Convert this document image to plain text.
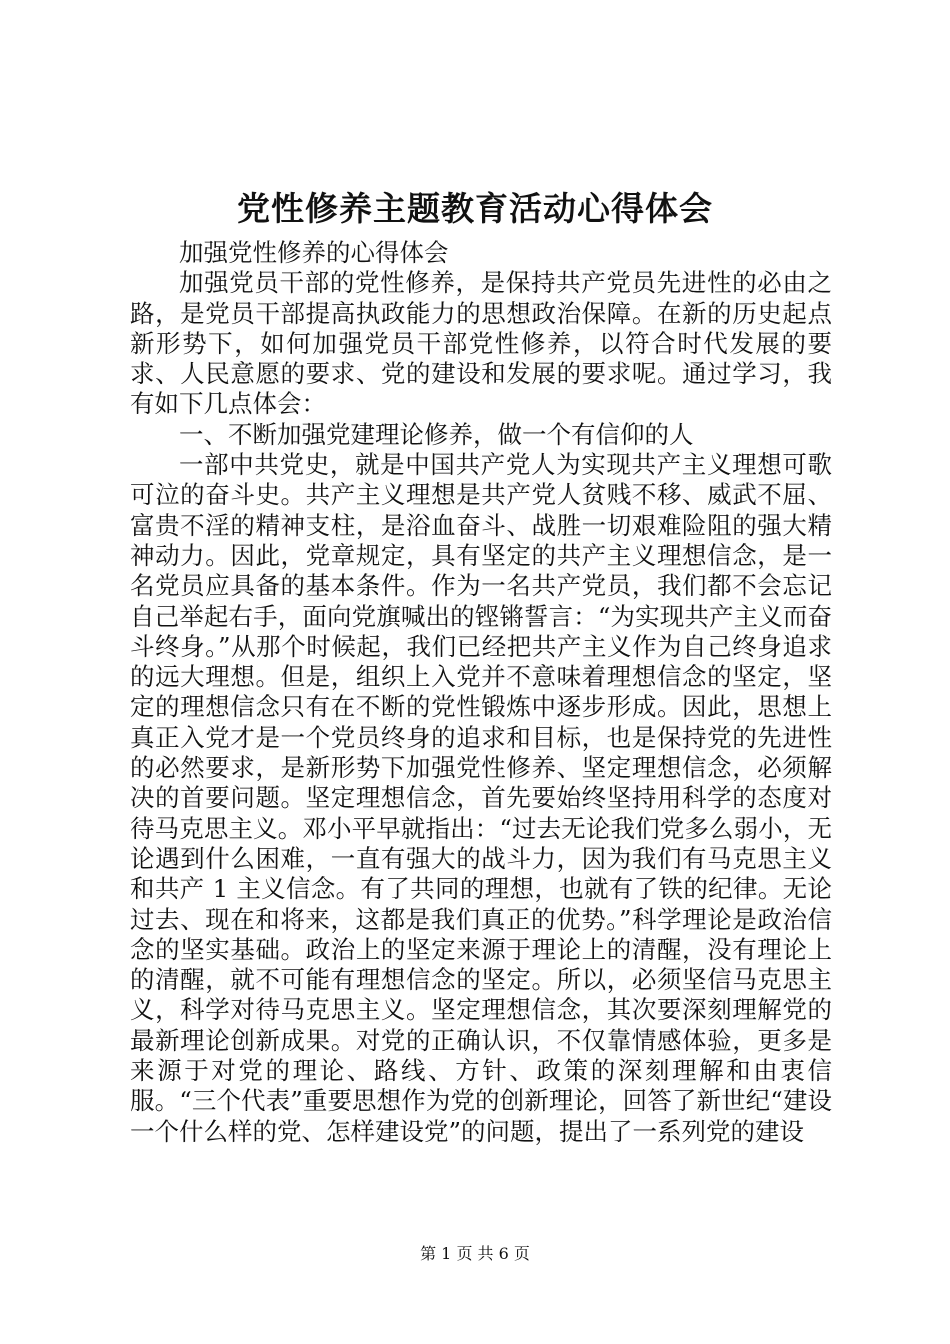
党性修养主题教育活动心得体会

加强党性修养的心得体会

加强党员干部的党性修养，是保持共产党员先进性的必由之路，是党员干部提高执政能力的思想政治保障。在新的历史起点新形势下，如何加强党员干部党性修养，以符合时代发展的要求、人民意愿的要求、党的建设和发展的要求呢。通过学习，我有如下几点体会：

一、不断加强党建理论修养，做一个有信仰的人

一部中共党史，就是中国共产党人为实现共产主义理想可歌可泣的奋斗史。共产主义理想是共产党人贫贱不移、威武不屈、富贵不淫的精神支柱，是浴血奋斗、战胜一切艰难险阻的强大精神动力。因此，党章规定，具有坚定的共产主义理想信念，是一名党员应具备的基本条件。作为一名共产党员，我们都不会忘记自己举起右手，面向党旗喊出的铿锵誓言：“为实现共产主义而奋斗终身。”从那个时候起，我们已经把共产主义作为自己终身追求的远大理想。但是，组织上入党并不意味着理想信念的坚定，坚定的理想信念只有在不断的党性锻炼中逐步形成。因此，思想上真正入党才是一个党员终身的追求和目标，也是保持党的先进性的必然要求，是新形势下加强党性修养、坚定理想信念，必须解决的首要问题。坚定理想信念，首先要始终坚持用科学的态度对待马克思主义。邓小平早就指出：“过去无论我们党多么弱小，无论遇到什么困难，一直有强大的战斗力，因为我们有马克思主义和共产 1 主义信念。有了共同的理想，也就有了铁的纪律。无论过去、现在和将来，这都是我们真正的优势。”科学理论是政治信念的坚实基础。政治上的坚定来源于理论上的清醒，没有理论上的清醒，就不可能有理想信念的坚定。所以，必须坚信马克思主义，科学对待马克思主义。坚定理想信念，其次要深刻理解党的最新理论创新成果。对党的正确认识，不仅靠情感体验，更多是来源于对党的理论、路线、方针、政策的深刻理解和由衷信服。“三个代表”重要思想作为党的创新理论，回答了新世纪“建设一个什么样的党、怎样建设党”的问题，提出了一系列党的建设

第 1 页 共 6 页
